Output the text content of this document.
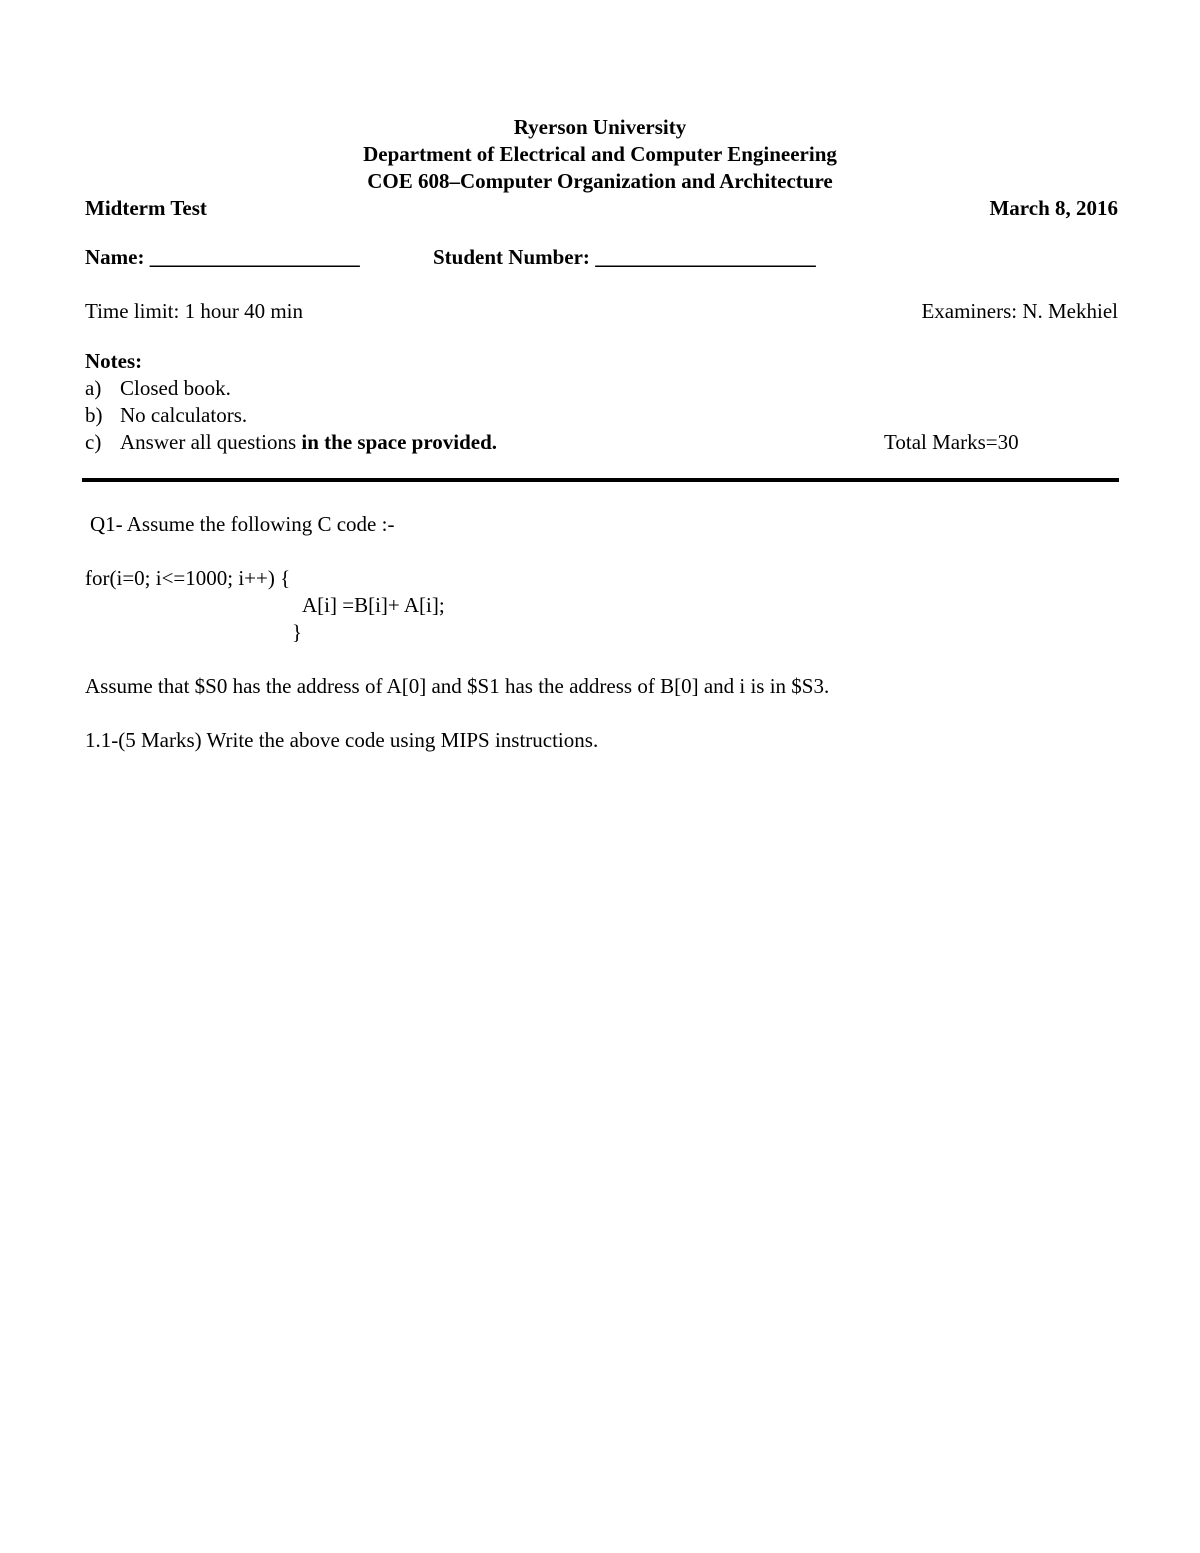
Ryerson University
Department of Electrical and Computer Engineering
COE 608–Computer Organization and Architecture
Midterm Test	March 8, 2016
Name: ____________________	Student Number: _____________________
Time limit: 1 hour 40 min	Examiners: N. Mekhiel
Notes:
a) Closed book.
b) No calculators.
c) Answer all questions in the space provided.	Total Marks=30
Q1- Assume the following C code :-
for(i=0; i<=1000; i++) {
A[i] =B[i]+ A[i];
}
Assume that $S0 has the address of A[0] and $S1 has the address of B[0] and i is in $S3.
1.1-(5 Marks) Write the above code using MIPS instructions.
